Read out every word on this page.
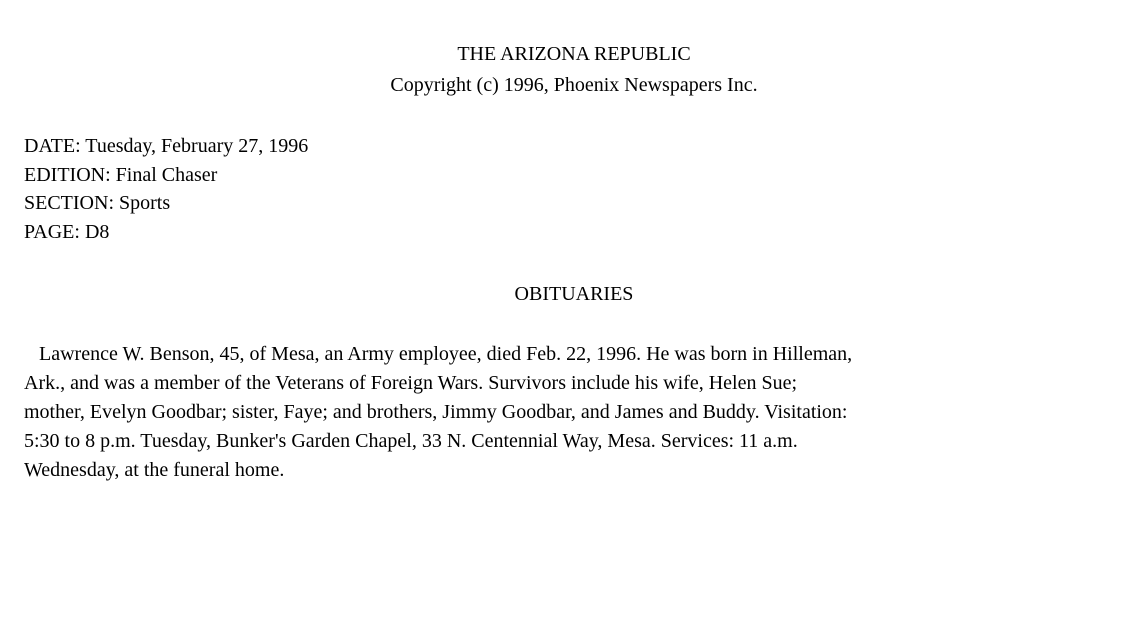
THE ARIZONA REPUBLIC
Copyright (c) 1996, Phoenix Newspapers Inc.
DATE: Tuesday, February 27, 1996
EDITION: Final Chaser
SECTION: Sports
PAGE: D8
OBITUARIES
Lawrence W. Benson, 45, of Mesa, an Army employee, died Feb. 22, 1996. He was born in Hilleman,
Ark., and was a member of the Veterans of Foreign Wars. Survivors include his wife, Helen Sue;
mother, Evelyn Goodbar; sister, Faye; and brothers, Jimmy Goodbar, and James and Buddy. Visitation:
5:30 to 8 p.m. Tuesday, Bunker's Garden Chapel, 33 N. Centennial Way, Mesa. Services: 11 a.m.
Wednesday, at the funeral home.
